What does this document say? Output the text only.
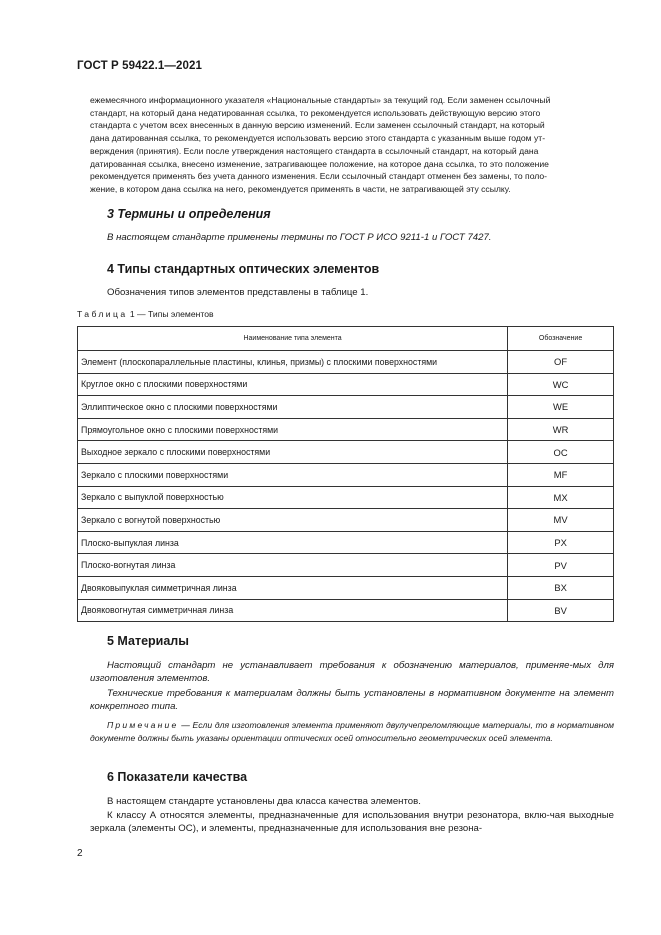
ГОСТ Р 59422.1—2021

ежемесячного информационного указателя «Национальные стандарты» за текущий год. Если заменен ссылочный

стандарт, на который дана недатированная ссылка, то рекомендуется использовать действующую версию этого

стандарта с учетом всех внесенных в данную версию изменений. Если заменен ссылочный стандарт, на который

дана датированная ссылка, то рекомендуется использовать версию этого стандарта с указанным выше годом ут-

верждения (принятия). Если после утверждения настоящего стандарта в ссылочный стандарт, на который дана

датированная ссылка, внесено изменение, затрагивающее положение, на которое дана ссылка, то это положение

рекомендуется применять без учета данного изменения. Если ссылочный стандарт отменен без замены, то поло-

жение, в котором дана ссылка на него, рекомендуется применять в части, не затрагивающей эту ссылку.

3 Термины и определения

В настоящем стандарте применены термины по ГОСТ Р ИСО 9211-1 и ГОСТ 7427.

4 Типы стандартных оптических элементов

Обозначения типов элементов представлены в таблице 1.

Таблица 1 — Типы элементов
Наименование типа элемента	Обозначение
Элемент (плоскопараллельные пластины, клинья, призмы) с плоскими поверхностями	OF
Круглое окно с плоскими поверхностями	WC
Эллиптическое окно с плоскими поверхностями	WE
Прямоугольное окно с плоскими поверхностями	WR
Выходное зеркало с плоскими поверхностями	OC
Зеркало с плоскими поверхностями	MF
Зеркало с выпуклой поверхностью	MX
Зеркало с вогнутой поверхностью	MV
Плоско-выпуклая линза	PX
Плоско-вогнутая линза	PV
Двояковыпуклая симметричная линза	BX
Двояковогнутая симметричная линза	BV
5 Материалы

Настоящий стандарт не устанавливает требования к обозначению материалов, применяе-мых для изготовления элементов.

Технические требования к материалам должны быть установлены в нормативном документе на элемент конкретного типа.

Примечание — Если для изготовления элемента применяют двулучепреломляющие материалы, то в нормативном документе должны быть указаны ориентации оптических осей относительно геометрических осей элемента.

6 Показатели качества

В настоящем стандарте установлены два класса качества элементов.

К классу А относятся элементы, предназначенные для использования внутри резонатора, вклю-чая выходные зеркала (элементы OC), и элементы, предназначенные для использования вне резона-

2
